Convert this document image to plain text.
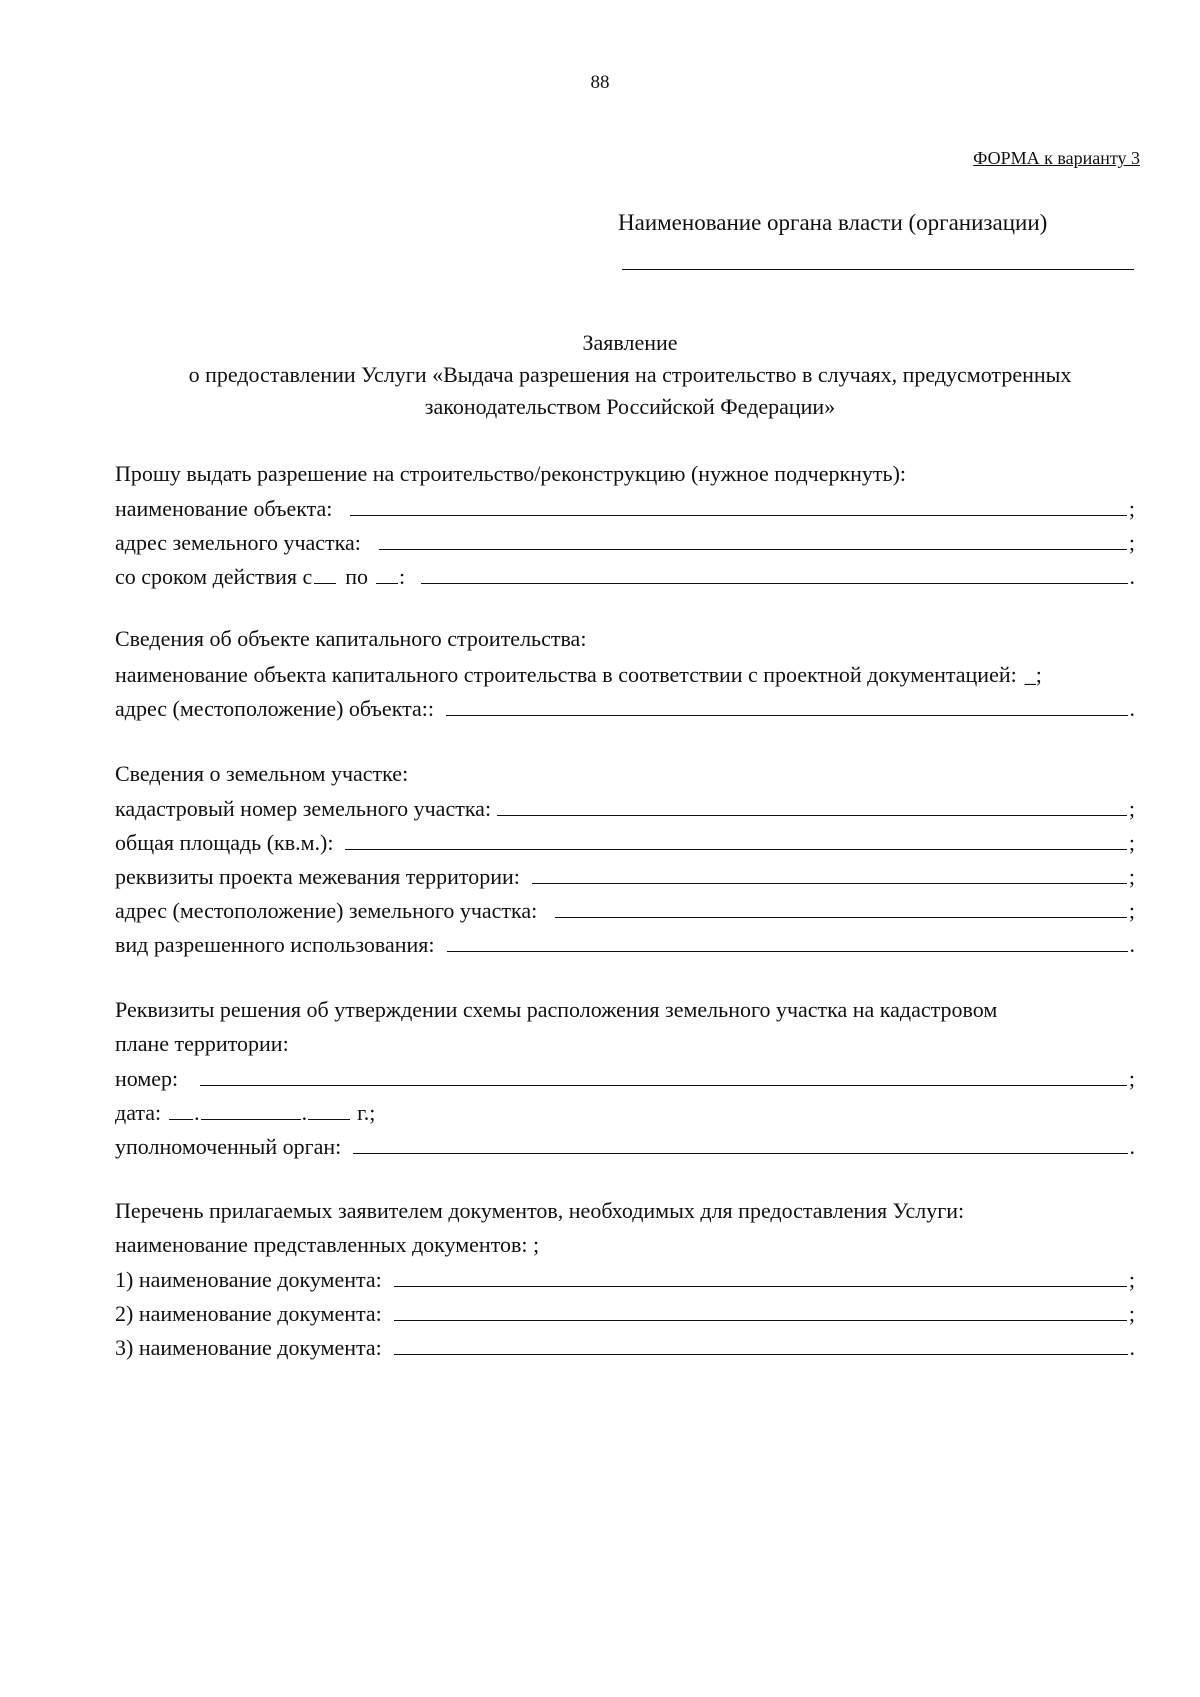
88
ФОРМА к варианту 3
Наименование органа власти (организации)
Заявление
о предоставлении Услуги «Выдача разрешения на строительство в случаях, предусмотренных
законодательством Российской Федерации»
Прошу выдать разрешение на строительство/реконструкцию (нужное подчеркнуть):
наименование объекта:	;
адрес земельного участка:	;
со сроком действия с по :	.
Сведения об объекте капитального строительства:
наименование объекта капитального строительства в соответствии с проектной документацией: _;
адрес (местоположение) объекта::	.
Сведения о земельном участке:
кадастровый номер земельного участка:	;
общая площадь (кв.м.):	;
реквизиты проекта межевания территории:	;
адрес (местоположение) земельного участка:	;
вид разрешенного использования:	.
Реквизиты решения об утверждении схемы расположения земельного участка на кадастровом
плане территории:
номер:	;
дата: .	. г.;
уполномоченный орган:	.
Перечень прилагаемых заявителем документов, необходимых для предоставления Услуги:
наименование представленных документов: ;
1) наименование документа:	;
2) наименование документа:	;
3) наименование документа:	.
